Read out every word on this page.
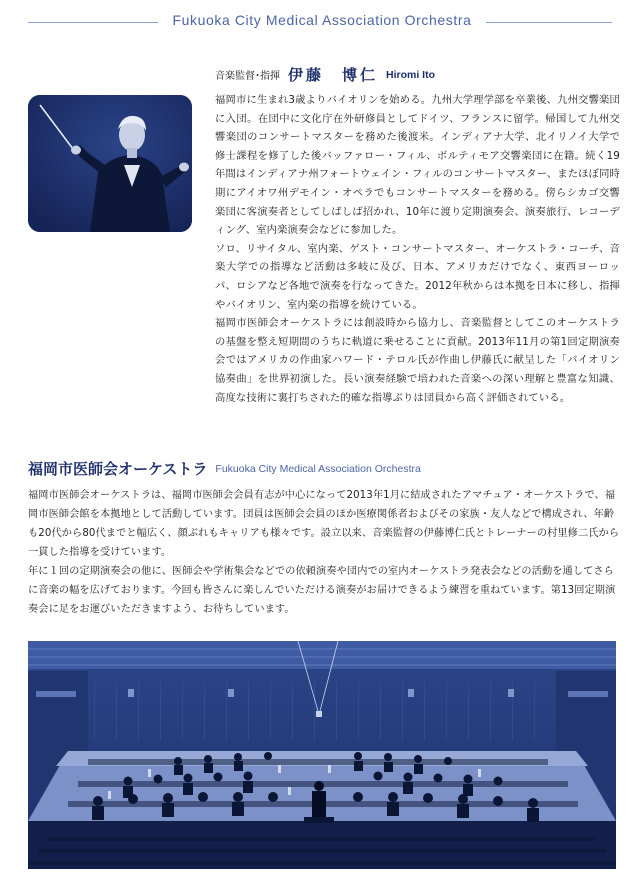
Fukuoka City Medical Association Orchestra
音楽監督･指揮 伊藤　博仁 Hiromi Ito

福岡市に生まれ3歳よりバイオリンを始める。九州大学理学部を卒業後、九州交響楽団に入団。在団中に文化庁在外研修員としてドイツ、フランスに留学。帰国して九州交響楽団のコンサートマスターを務めた後渡米。インディアナ大学、北イリノイ大学で修士課程を修了した後バッファロー・フィル、ボルティモア交響楽団に在籍。続く19年間はインディアナ州フォートウェイン・フィルのコンサートマスター、またほぼ同時期にアイオワ州デモイン・オペラでもコンサートマスターを務める。傍らシカゴ交響楽団に客演奏者としてしばしば招かれ、10年に渡り定期演奏会、演奏旅行、レコーディング、室内楽演奏会などに参加した。

ソロ、リサイタル、室内楽、ゲスト・コンサートマスター、オーケストラ・コーチ、音楽大学での指導など活動は多岐に及び、日本、アメリカだけでなく、東西ヨーロッパ、ロシアなど各地で演奏を行なってきた。2012年秋からは本拠を日本に移し、指揮やバイオリン、室内楽の指導を続けている。

福岡市医師会オーケストラには創設時から協力し、音楽監督としてこのオーケストラの基盤を整え短期間のうちに軌道に乗せることに貢献。2013年11月の第1回定期演奏会ではアメリカの作曲家ハワード・テロル氏が作曲し伊藤氏に献呈した「バイオリン協奏曲」を世界初演した。長い演奏経験で培われた音楽への深い理解と豊富な知識、高度な技術に裏打ちされた的確な指導ぶりは団員から高く評価されている。

福岡市医師会オーケストラ Fukuoka City Medical Association Orchestra

福岡市医師会オーケストラは、福岡市医師会会員有志が中心になって2013年1月に結成されたアマチュア・オーケストラで、福岡市医師会館を本拠地として活動しています。団員は医師会会員のほか医療関係者およびその家族・友人などで構成され、年齢も20代から80代までと幅広く、顔ぶれもキャリアも様々です。設立以来、音楽監督の伊藤博仁氏とトレーナーの村里修二氏から一貫した指導を受けています。

年に１回の定期演奏会の他に、医師会や学術集会などでの依頼演奏や団内での室内オーケストラ発表会などの活動を通してさらに音楽の幅を広げております。今回も皆さんに楽しんでいただける演奏がお届けできるよう練習を重ねています。第13回定期演奏会に足をお運びいただきますよう、お待ちしています。
